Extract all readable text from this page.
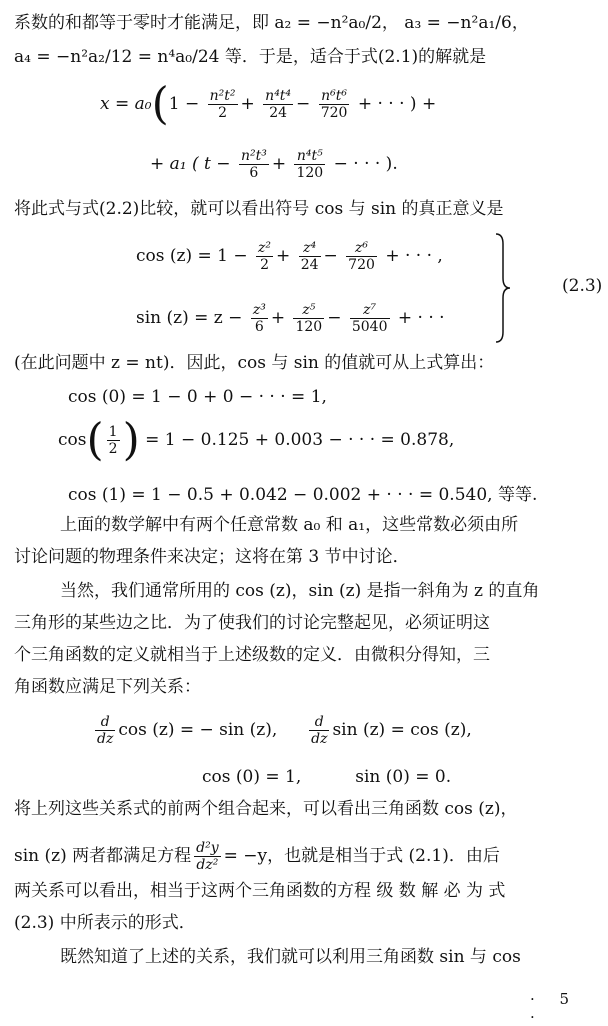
系数的和都等于零时才能满足，即 a₂ = −n²a₀/2， a₃ = −n²a₁/6，
a₄ = −n²a₂/12 = n⁴a₀/24 等．于是，适合于式(2.1)的解就是
$x = a_0(1 - \frac{\text{n²t²}}{2} + \frac{\text{n⁴t⁴}}{24} - \frac{\text{n⁶t⁶}}{720}$ + · · · ) +
+ a₁ ( $t - \frac{\text{n²t³}}{6} + \frac{\text{n⁴t⁵}}{120}$ − · · · ).
将此式与式(2.2)比较，就可以看出符号 cos 与 sin 的真正意义是
$\cos (z) = 1 - \frac{\text{z²}}{2} + \frac{\text{z⁴}}{24} - \frac{\text{z⁶}}{720}$ + · · · ,
$\sin (z) = z - \frac{\text{z³}}{6} + \frac{\text{z⁵}}{120} - \frac{\text{z⁷}}{5040}$ + · · ·
(2.3)
(在此问题中 z = nt)．因此，cos 与 sin 的值就可从上式算出：
cos (0) = 1 − 0 + 0 − · · · = 1,
$\cos( \frac{1}{2}$ ) = 1 − 0.125 + 0.003 − · · · = 0.878,
cos (1) = 1 − 0.5 + 0.042 − 0.002 + · · · = 0.540, 等等.
上面的数学解中有两个任意常数 a₀ 和 a₁，这些常数必须由所
讨论问题的物理条件来决定；这将在第 3 节中讨论．
当然，我们通常所用的 cos (z)，sin (z) 是指一斜角为 z 的直角
三角形的某些边之比．为了使我们的讨论完整起见，必须证明这
个三角函数的定义就相当于上述级数的定义．由微积分得知，三
角函数应满足下列关系：
$\frac{d}{dz}$ cos (z) = − sin (z), $\frac{d}{dz}$ sin (z) = cos (z),
cos (0) = 1,          sin (0) = 0.
将上列这些关系式的前两个组合起来，可以看出三角函数 cos (z)，
sin (z) 两者都满足方程 $\frac{\text{d²y}}{\text{dz²}} = -y$，也就是相当于式 (2.1)．由后
两关系可以看出，相当于这两个三角函数的方程 级 数 解 必 为 式
(2.3) 中所表示的形式．
既然知道了上述的关系，我们就可以利用三角函数 sin 与 cos
· 5 ·
